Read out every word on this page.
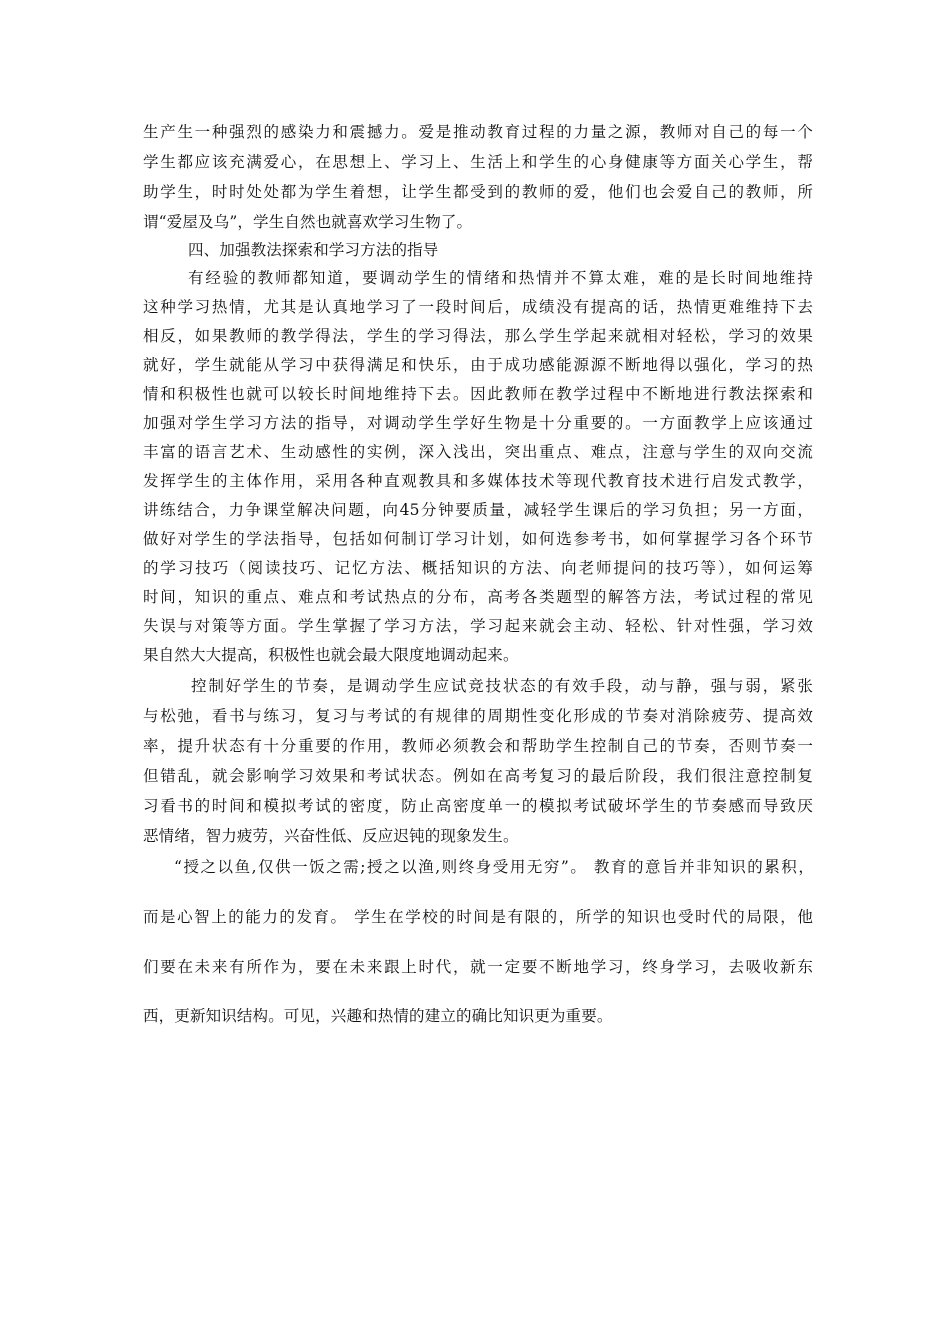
生产生一种强烈的感染力和震撼力。爱是推动教育过程的力量之源，教师对自己的每一个
学生都应该充满爱心，在思想上、学习上、生活上和学生的心身健康等方面关心学生，帮
助学生，时时处处都为学生着想，让学生都受到的教师的爱，他们也会爱自己的教师，所
谓“爱屋及乌”，学生自然也就喜欢学习生物了。
四、加强教法探索和学习方法的指导
有经验的教师都知道，要调动学生的情绪和热情并不算太难，难的是长时间地维持
这种学习热情，尤其是认真地学习了一段时间后，成绩没有提高的话，热情更难维持下去
相反，如果教师的教学得法，学生的学习得法，那么学生学起来就相对轻松，学习的效果
就好，学生就能从学习中获得满足和快乐，由于成功感能源源不断地得以强化，学习的热
情和积极性也就可以较长时间地维持下去。因此教师在教学过程中不断地进行教法探索和
加强对学生学习方法的指导，对调动学生学好生物是十分重要的。一方面教学上应该通过
丰富的语言艺术、生动感性的实例，深入浅出，突出重点、难点，注意与学生的双向交流
发挥学生的主体作用，采用各种直观教具和多媒体技术等现代教育技术进行启发式教学，
讲练结合，力争课堂解决问题，向45分钟要质量，减轻学生课后的学习负担；另一方面，
做好对学生的学法指导，包括如何制订学习计划，如何选参考书，如何掌握学习各个环节
的学习技巧（阅读技巧、记忆方法、概括知识的方法、向老师提问的技巧等），如何运筹
时间，知识的重点、难点和考试热点的分布，高考各类题型的解答方法，考试过程的常见
失误与对策等方面。学生掌握了学习方法，学习起来就会主动、轻松、针对性强，学习效
果自然大大提高，积极性也就会最大限度地调动起来。
控制好学生的节奏，是调动学生应试竞技状态的有效手段，动与静，强与弱，紧张
与松弛，看书与练习，复习与考试的有规律的周期性变化形成的节奏对消除疲劳、提高效
率，提升状态有十分重要的作用，教师必须教会和帮助学生控制自己的节奏，否则节奏一
但错乱，就会影响学习效果和考试状态。例如在高考复习的最后阶段，我们很注意控制复
习看书的时间和模拟考试的密度，防止高密度单一的模拟考试破坏学生的节奏感而导致厌
恶情绪，智力疲劳，兴奋性低、反应迟钝的现象发生。
“授之以鱼,仅供一饭之需;授之以渔,则终身受用无穷”。 教育的意旨并非知识的累积，
而是心智上的能力的发育。 学生在学校的时间是有限的，所学的知识也受时代的局限，他
们要在未来有所作为，要在未来跟上时代，就一定要不断地学习，终身学习，去吸收新东
西，更新知识结构。可见，兴趣和热情的建立的确比知识更为重要。
